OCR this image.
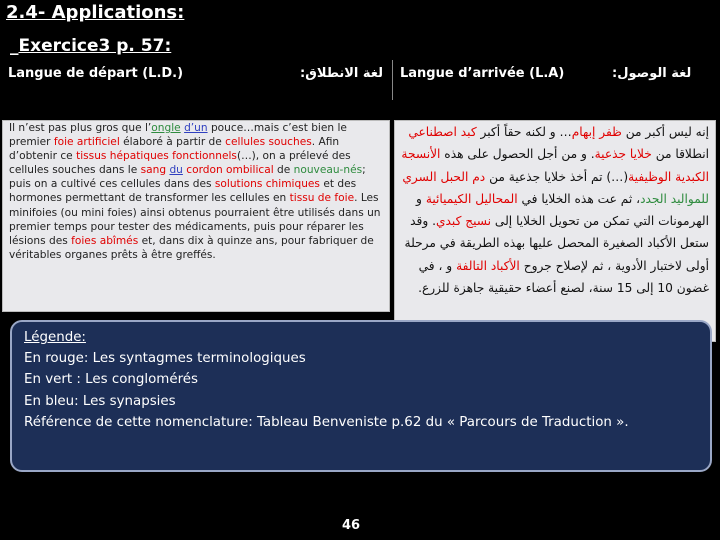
2.4- Applications:
_Exercice3 p. 57:
Langue de départ (L.D.)	لغة الانطلاق: Langue d’arrivée (L.A)	لغة الوصول:

Il n’est pas plus gros que l’ongle d’un pouce…mais c’est bien le premier foie artificiel élaboré à partir de cellules souches. Afin d’obtenir ce tissus hépatiques fonctionnels(…), on a prélevé des cellules souches dans le sang du cordon ombilical de nouveau-nés; puis on a cultivé ces cellules dans des solutions chimiques et des hormones permettant de transformer les cellules en tissu de foie. Les minifoies (ou mini foies) ainsi obtenus pourraient être utilisés dans un premier temps pour tester des médicaments, puis pour réparer les lésions des foies abîmés et, dans dix à quinze ans, pour fabriquer de véritables organes prêts à être greffés.

إنه ليس أكبر من ظفر إبهام… و لكنه حقاً أكبر كبد اصطناعي انطلاقا من خلايا جذعية. و من أجل الحصول على هذه الأنسجة الكبدية الوظيفية(…) تم أخذ خلايا جذعية من دم الحبل السري للمواليد الجدد، ثم عت هذه الخلايا في المحاليل الكيميائية و الهرمونات التي تمكن من تحويل الخلايا إلى نسيج كبدي. وقد ستعل الأكباد الصغيرة المحصل عليها بهذه الطريقة في مرحلة أولى لاختبار الأدوية ، ثم لإصلاح جروح الأكباد التالفة و ، في غضون 10 إلى 15 سنة، لصنع أعضاء حقيقية جاهزة للزرع.

Légende:

En rouge: Les syntagmes terminologiques

En vert : Les conglomérés

En bleu: Les synapsies

Référence de cette nomenclature: Tableau Benveniste p.62 du « Parcours de Traduction ».

46
